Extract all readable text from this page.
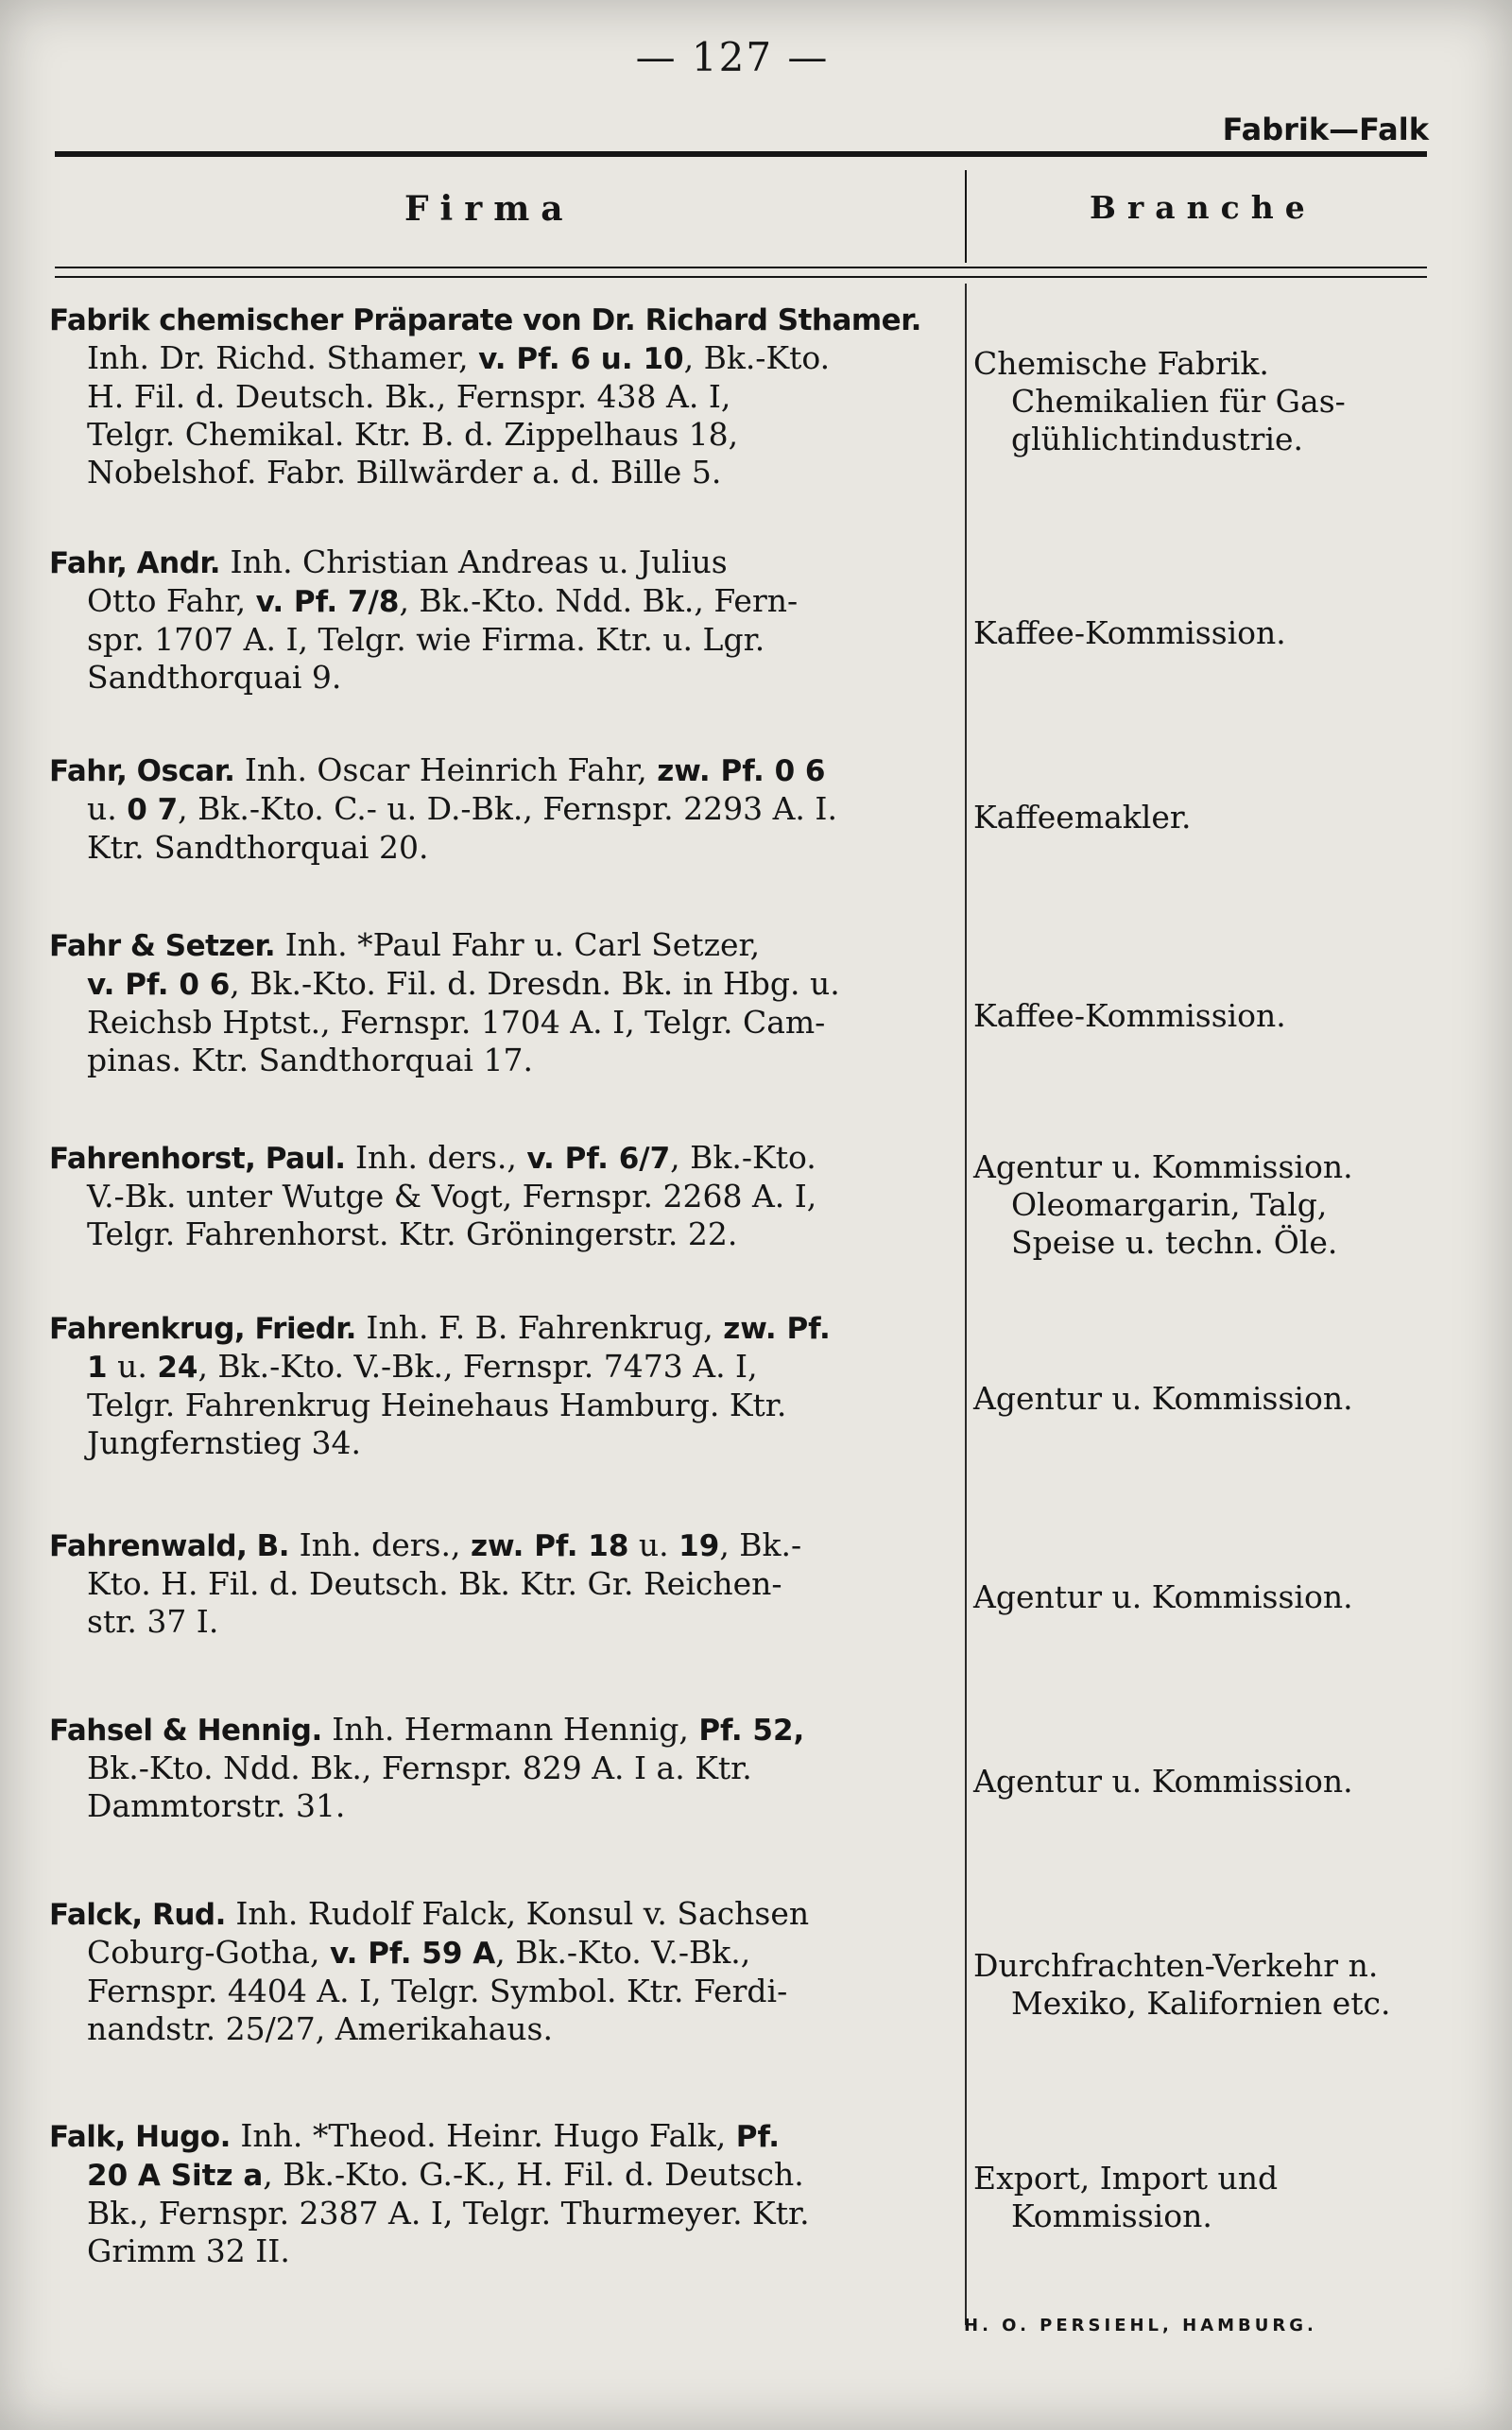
— 127 —
Fabrik—Falk
Firma	Branche
Fabrik chemischer Präparate von Dr. Richard Sthamer.
Inh. Dr. Richd. Sthamer, v. Pf. 6 u. 10, Bk.-Kto.
H. Fil. d. Deutsch. Bk., Fernspr. 438 A. I,
Telgr. Chemikal. Ktr. B. d. Zippelhaus 18,
Nobelshof. Fabr. Billwärder a. d. Bille 5.
Chemische Fabrik.
Chemikalien für Gas-
glühlichtindustrie.
Fahr, Andr. Inh. Christian Andreas u. Julius
Otto Fahr, v. Pf. 7/8, Bk.-Kto. Ndd. Bk., Fern-
spr. 1707 A. I, Telgr. wie Firma. Ktr. u. Lgr.
Sandthorquai 9.
Kaffee-Kommission.
Fahr, Oscar. Inh. Oscar Heinrich Fahr, zw. Pf. 0 6
u. 0 7, Bk.-Kto. C.- u. D.-Bk., Fernspr. 2293 A. I.
Ktr. Sandthorquai 20.
Kaffeemakler.
Fahr & Setzer. Inh. *Paul Fahr u. Carl Setzer,
v. Pf. 0 6, Bk.-Kto. Fil. d. Dresdn. Bk. in Hbg. u.
Reichsb Hptst., Fernspr. 1704 A. I, Telgr. Cam-
pinas. Ktr. Sandthorquai 17.
Kaffee-Kommission.
Fahrenhorst, Paul. Inh. ders., v. Pf. 6/7, Bk.-Kto.
V.-Bk. unter Wutge & Vogt, Fernspr. 2268 A. I,
Telgr. Fahrenhorst. Ktr. Gröningerstr. 22.
Agentur u. Kommission.
Oleomargarin, Talg,
Speise u. techn. Öle.
Fahrenkrug, Friedr. Inh. F. B. Fahrenkrug, zw. Pf.
1 u. 24, Bk.-Kto. V.-Bk., Fernspr. 7473 A. I,
Telgr. Fahrenkrug Heinehaus Hamburg. Ktr.
Jungfernstieg 34.
Agentur u. Kommission.
Fahrenwald, B. Inh. ders., zw. Pf. 18 u. 19, Bk.-
Kto. H. Fil. d. Deutsch. Bk. Ktr. Gr. Reichen-
str. 37 I.
Agentur u. Kommission.
Fahsel & Hennig. Inh. Hermann Hennig, Pf. 52,
Bk.-Kto. Ndd. Bk., Fernspr. 829 A. I a. Ktr.
Dammtorstr. 31.
Agentur u. Kommission.
Falck, Rud. Inh. Rudolf Falck, Konsul v. Sachsen
Coburg-Gotha, v. Pf. 59 A, Bk.-Kto. V.-Bk.,
Fernspr. 4404 A. I, Telgr. Symbol. Ktr. Ferdi-
nandstr. 25/27, Amerikahaus.
Durchfrachten-Verkehr n.
Mexiko, Kalifornien etc.
Falk, Hugo. Inh. *Theod. Heinr. Hugo Falk, Pf.
20 A Sitz a, Bk.-Kto. G.-K., H. Fil. d. Deutsch.
Bk., Fernspr. 2387 A. I, Telgr. Thurmeyer. Ktr.
Grimm 32 II.
Export, Import und
Kommission.
H. O. PERSIEHL, HAMBURG.
